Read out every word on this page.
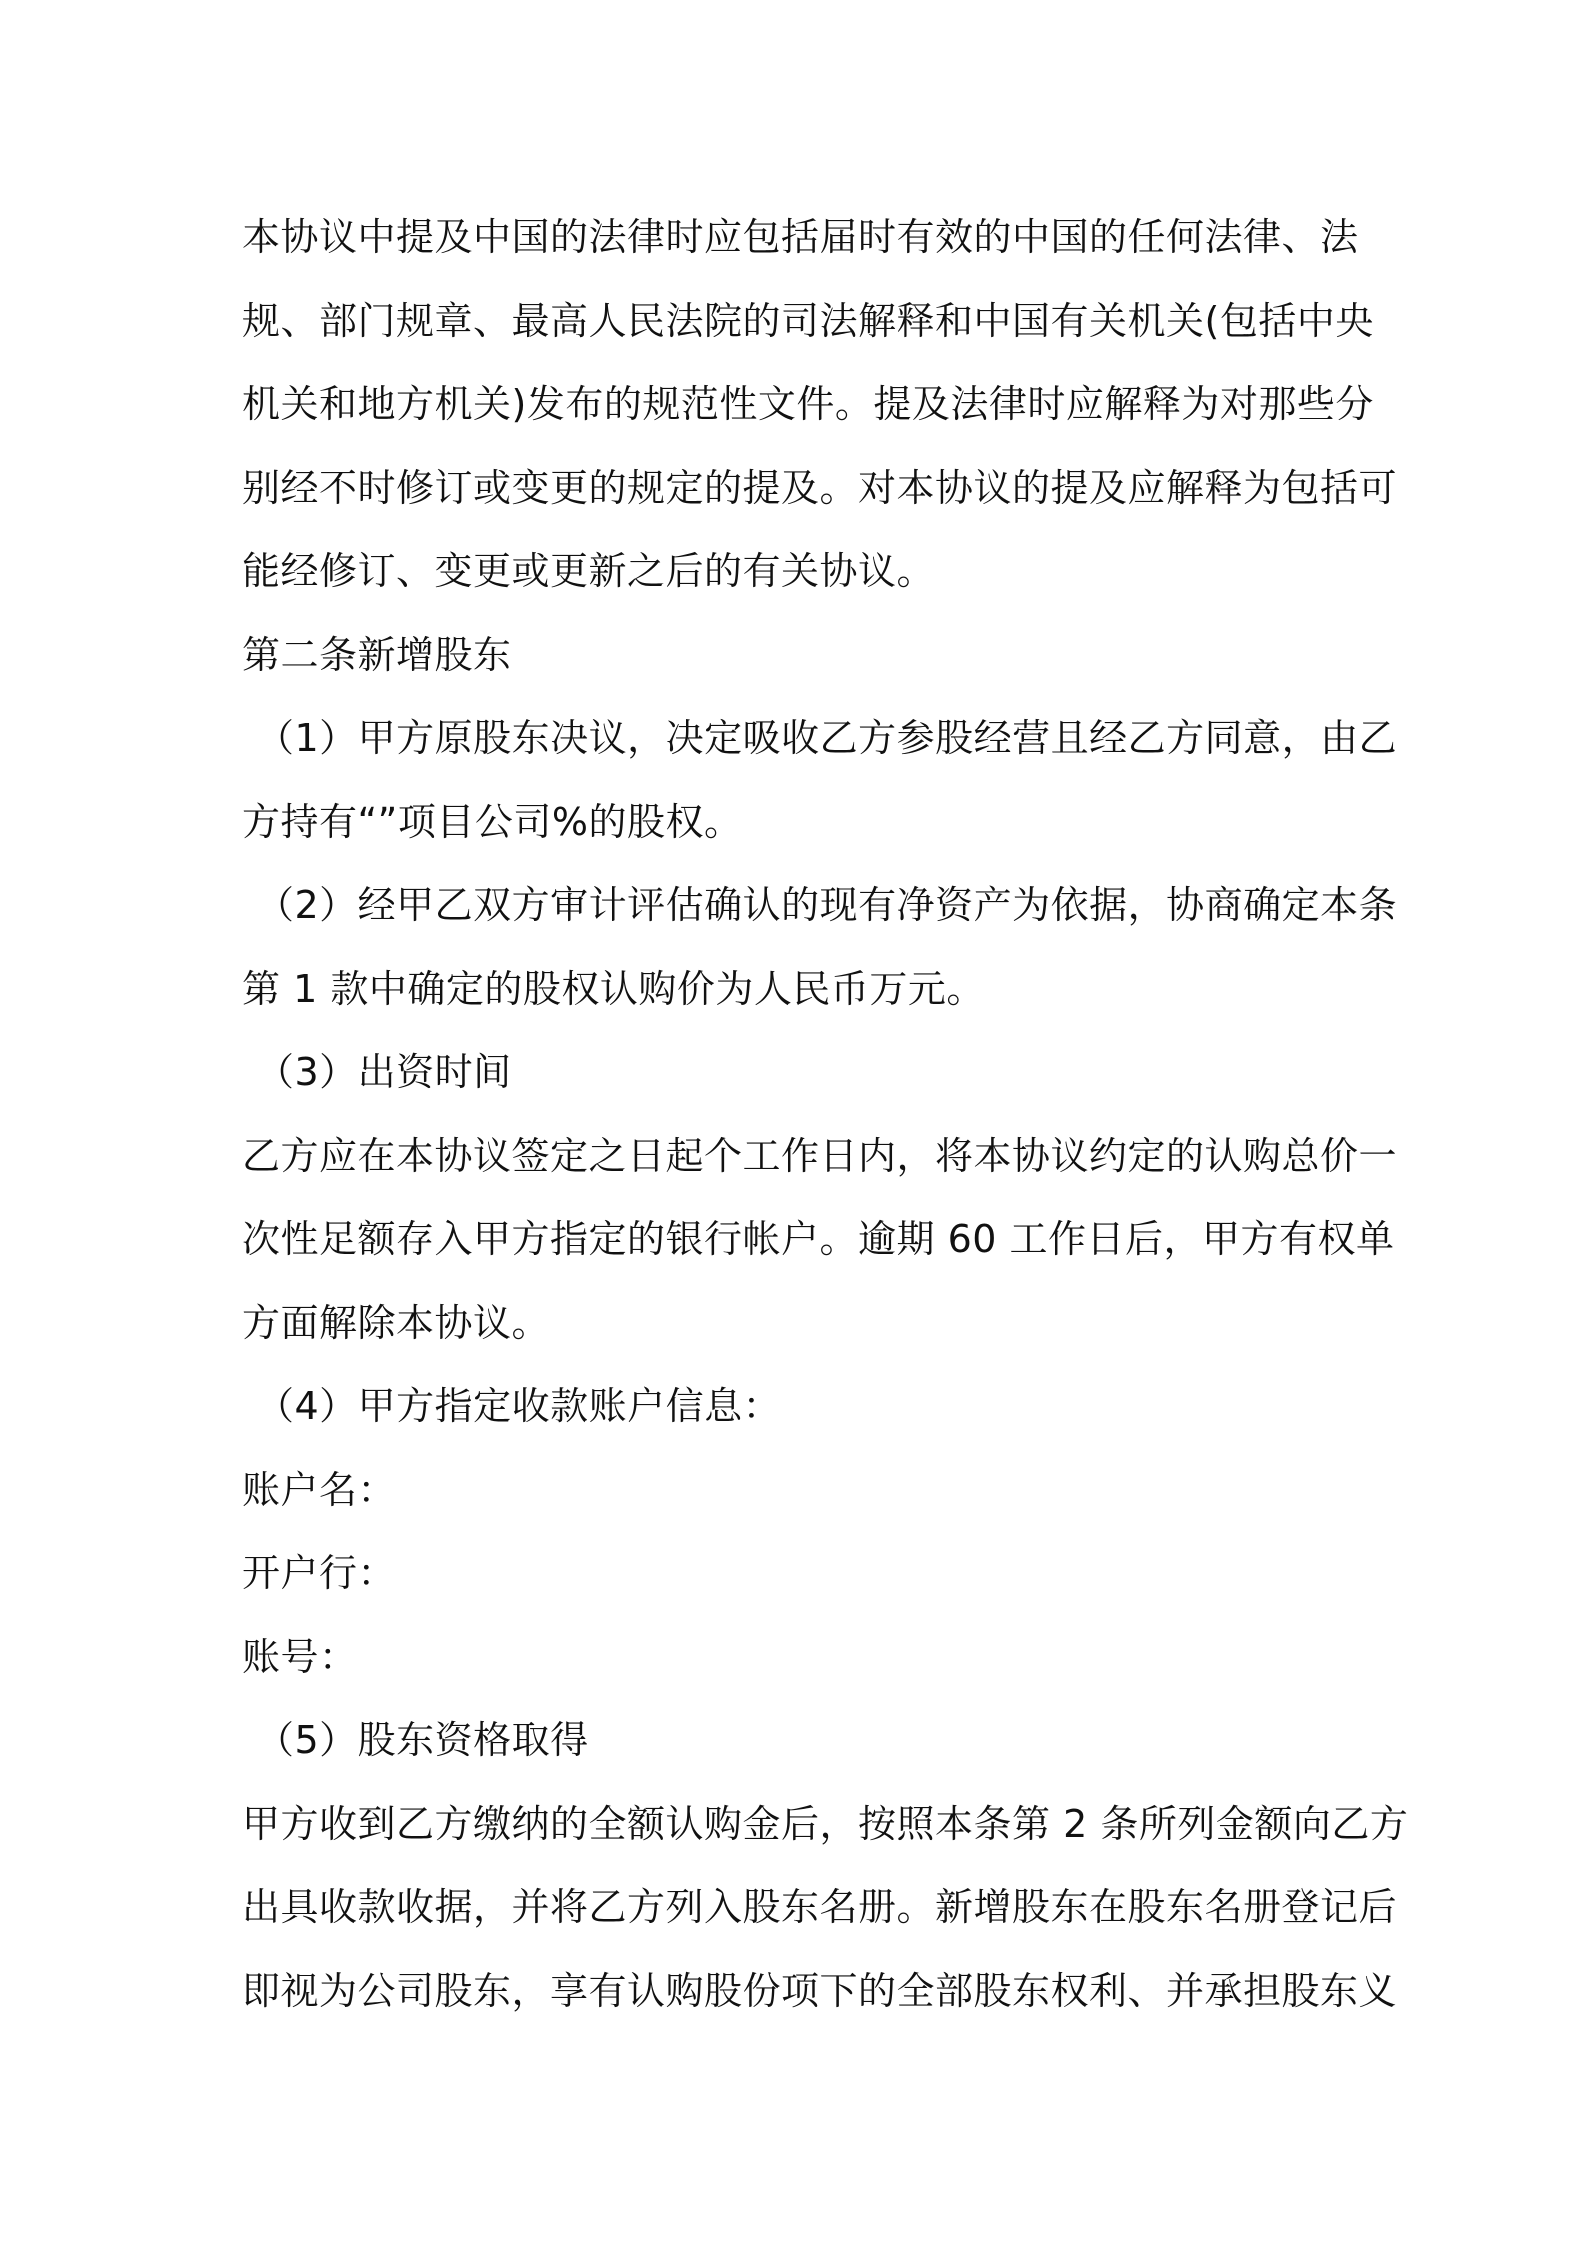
本协议中提及中国的法律时应包括届时有效的中国的任何法律、法
规、部门规章、最高人民法院的司法解释和中国有关机关(包括中央
机关和地方机关)发布的规范性文件。提及法律时应解释为对那些分
别经不时修订或变更的规定的提及。对本协议的提及应解释为包括可
能经修订、变更或更新之后的有关协议。
第二条新增股东
（1）甲方原股东决议，决定吸收乙方参股经营且经乙方同意，由乙
方持有“”项目公司%的股权。
（2）经甲乙双方审计评估确认的现有净资产为依据，协商确定本条
第 1 款中确定的股权认购价为人民币万元。
（3）出资时间
乙方应在本协议签定之日起个工作日内，将本协议约定的认购总价一
次性足额存入甲方指定的银行帐户。逾期 60 工作日后，甲方有权单
方面解除本协议。
（4）甲方指定收款账户信息：
账户名：
开户行：
账号：
（5）股东资格取得
甲方收到乙方缴纳的全额认购金后，按照本条第 2 条所列金额向乙方
出具收款收据，并将乙方列入股东名册。新增股东在股东名册登记后
即视为公司股东，享有认购股份项下的全部股东权利、并承担股东义
